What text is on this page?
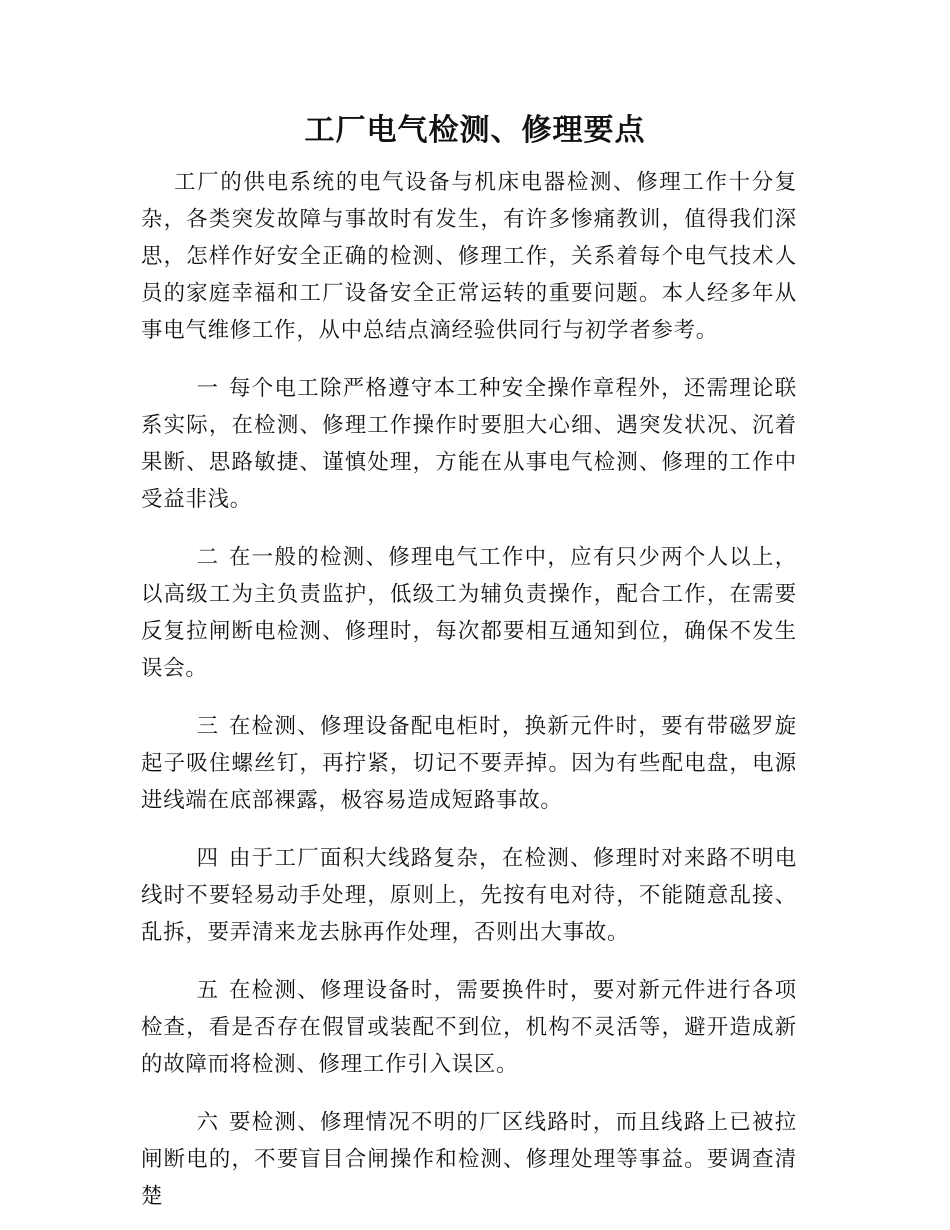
工厂电气检测、修理要点

工厂的供电系统的电气设备与机床电器检测、修理工作十分复杂，各类突发故障与事故时有发生，有许多惨痛教训，值得我们深思，怎样作好安全正确的检测、修理工作，关系着每个电气技术人员的家庭幸福和工厂设备安全正常运转的重要问题。本人经多年从事电气维修工作，从中总结点滴经验供同行与初学者参考。

一 每个电工除严格遵守本工种安全操作章程外，还需理论联系实际，在检测、修理工作操作时要胆大心细、遇突发状况、沉着果断、思路敏捷、谨慎处理，方能在从事电气检测、修理的工作中受益非浅。

二 在一般的检测、修理电气工作中，应有只少两个人以上，以高级工为主负责监护，低级工为辅负责操作，配合工作，在需要反复拉闸断电检测、修理时，每次都要相互通知到位，确保不发生误会。

三 在检测、修理设备配电柜时，换新元件时，要有带磁罗旋起子吸住螺丝钉，再拧紧，切记不要弄掉。因为有些配电盘，电源进线端在底部裸露，极容易造成短路事故。

四 由于工厂面积大线路复杂，在检测、修理时对来路不明电线时不要轻易动手处理，原则上，先按有电对待，不能随意乱接、乱拆，要弄清来龙去脉再作处理，否则出大事故。

五 在检测、修理设备时，需要换件时，要对新元件进行各项检查，看是否存在假冒或装配不到位，机构不灵活等，避开造成新的故障而将检测、修理工作引入误区。

六 要检测、修理情况不明的厂区线路时，而且线路上已被拉闸断电的，不要盲目合闸操作和检测、修理处理等事益。要调查清楚
